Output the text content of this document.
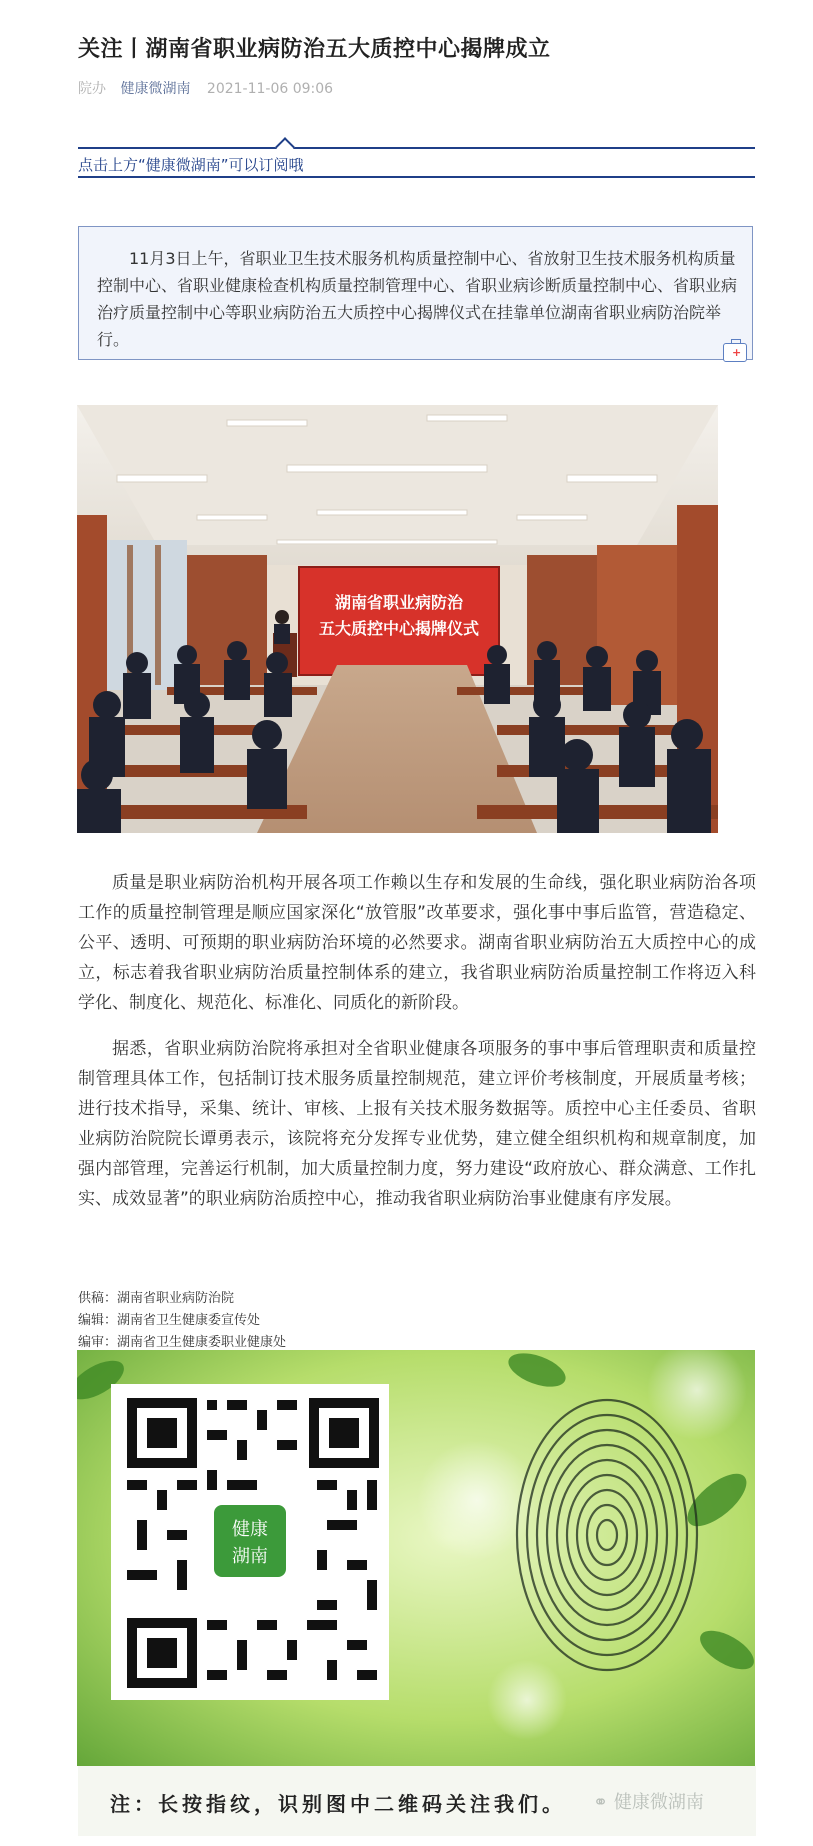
关注丨湖南省职业病防治五大质控中心揭牌成立
院办 健康微湖南 2021-11-06 09:06
点击上方“健康微湖南”可以订阅哦
11月3日上午，省职业卫生技术服务机构质量控制中心、省放射卫生技术服务机构质量控制中心、省职业健康检查机构质量控制管理中心、省职业病诊断质量控制中心、省职业病治疗质量控制中心等职业病防治五大质控中心揭牌仪式在挂靠单位湖南省职业病防治院举行。
+
湖南省职业病防治
五大质控中心揭牌仪式
质量是职业病防治机构开展各项工作赖以生存和发展的生命线，强化职业病防治各项工作的质量控制管理是顺应国家深化“放管服”改革要求，强化事中事后监管，营造稳定、公平、透明、可预期的职业病防治环境的必然要求。湖南省职业病防治五大质控中心的成立，标志着我省职业病防治质量控制体系的建立，我省职业病防治质量控制工作将迈入科学化、制度化、规范化、标准化、同质化的新阶段。
据悉，省职业病防治院将承担对全省职业健康各项服务的事中事后管理职责和质量控制管理具体工作，包括制订技术服务质量控制规范，建立评价考核制度，开展质量考核；进行技术指导，采集、统计、审核、上报有关技术服务数据等。质控中心主任委员、省职业病防治院院长谭勇表示，该院将充分发挥专业优势，建立健全组织机构和规章制度，加强内部管理，完善运行机制，加大质量控制力度，努力建设“政府放心、群众满意、工作扎实、成效显著”的职业病防治质控中心，推动我省职业病防治事业健康有序发展。
供稿：湖南省职业病防治院
编辑：湖南省卫生健康委宣传处
编审：湖南省卫生健康委职业健康处
健康
湖南
注：长按指纹，识别图中二维码关注我们。 ⚭ 健康微湖南
